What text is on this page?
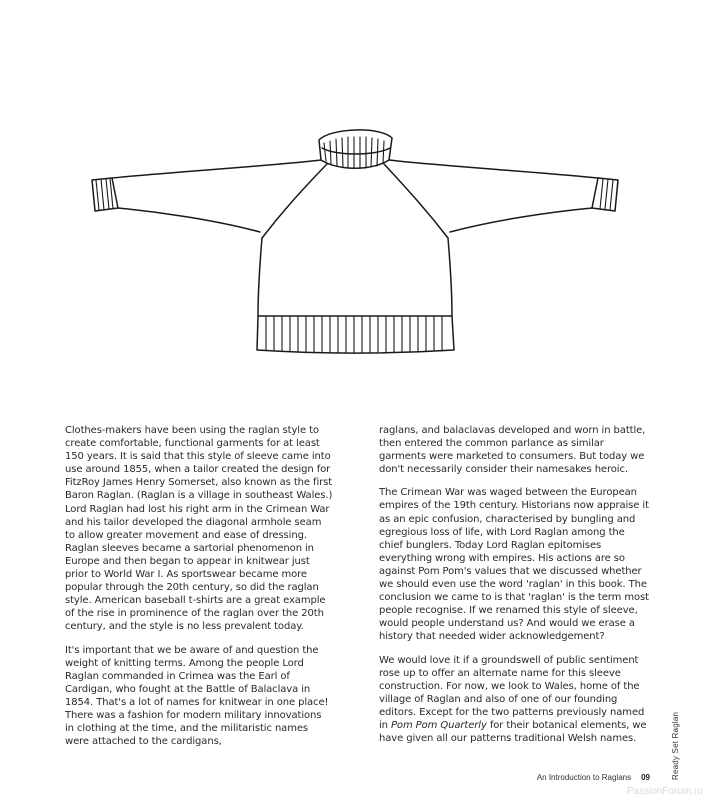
Clothes-makers have been using the raglan style to create comfortable, functional garments for at least 150 years. It is said that this style of sleeve came into use around 1855, when a tailor created the design for FitzRoy James Henry Somerset, also known as the first Baron Raglan. (Raglan is a village in southeast Wales.) Lord Raglan had lost his right arm in the Crimean War and his tailor developed the diagonal armhole seam to allow greater movement and ease of dressing. Raglan sleeves became a sartorial phenomenon in Europe and then began to appear in knitwear just prior to World War I. As sportswear became more popular through the 20th century, so did the raglan style. American baseball t-shirts are a great example of the rise in prominence of the raglan over the 20th century, and the style is no less prevalent today.

It's important that we be aware of and question the weight of knitting terms. Among the people Lord Raglan commanded in Crimea was the Earl of Cardigan, who fought at the Battle of Balaclava in 1854. That's a lot of names for knitwear in one place! There was a fashion for modern military innovations in clothing at the time, and the militaristic names were attached to the cardigans,

raglans, and balaclavas developed and worn in battle, then entered the common parlance as similar garments were marketed to consumers. But today we don't necessarily consider their namesakes heroic.

The Crimean War was waged between the European empires of the 19th century. Historians now appraise it as an epic confusion, characterised by bungling and egregious loss of life, with Lord Raglan among the chief bunglers. Today Lord Raglan epitomises everything wrong with empires. His actions are so against Pom Pom's values that we discussed whether we should even use the word 'raglan' in this book. The conclusion we came to is that 'raglan' is the term most people recognise. If we renamed this style of sleeve, would people understand us? And would we erase a history that needed wider acknowledgement?

We would love it if a groundswell of public sentiment rose up to offer an alternate name for this sleeve construction. For now, we look to Wales, home of the village of Raglan and also of one of our founding editors. Except for the two patterns previously named in Pom Pom Quarterly for their botanical elements, we have given all our patterns traditional Welsh names.	Ready Set Raglan
An Introduction to Raglans 09
PassionForum.ru
